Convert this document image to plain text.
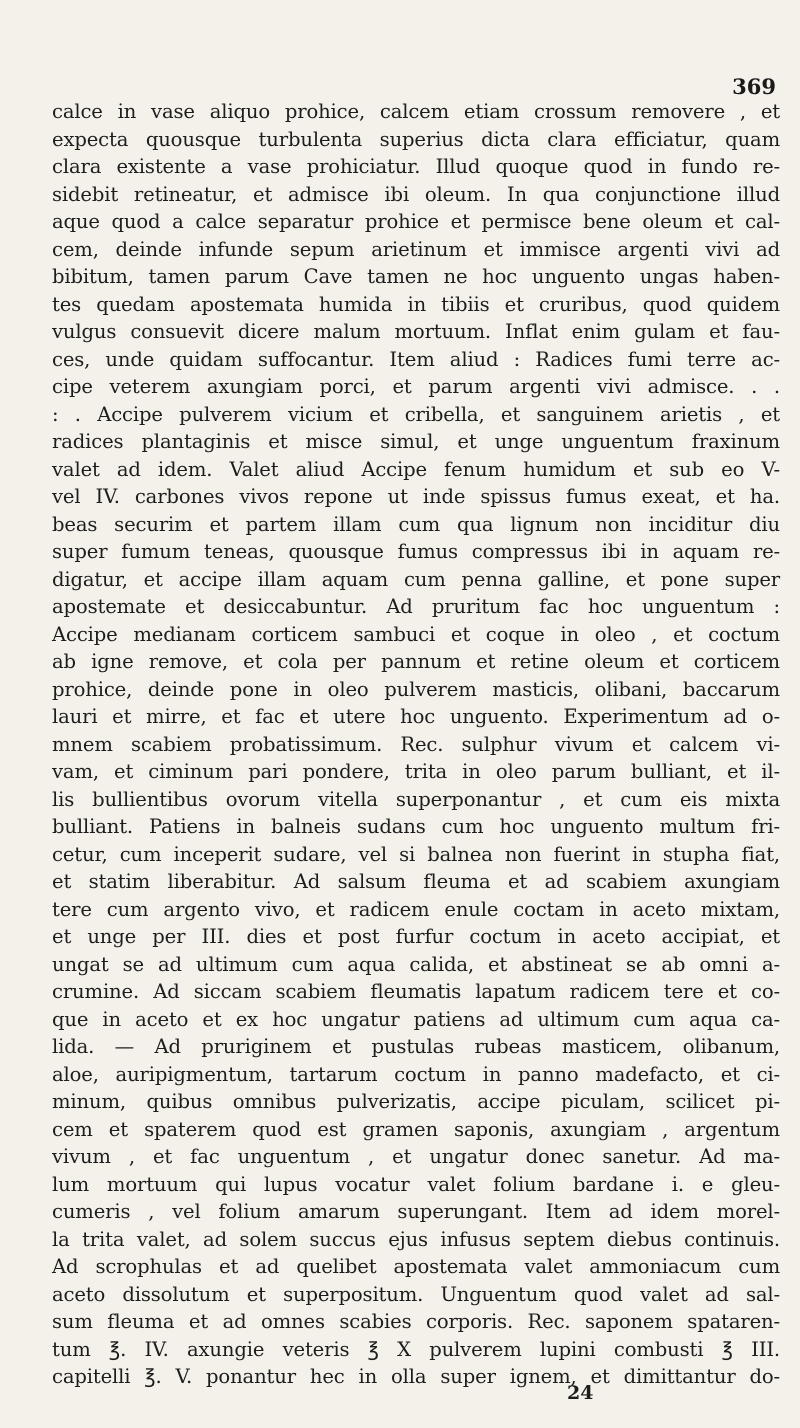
369
calce in vase aliquo prohice, calcem etiam crossum removere , et
expecta quousque turbulenta superius dicta clara efficiatur, quam
clara existente a vase prohiciatur. Illud quoque quod in fundo re-
sidebit retineatur, et admisce ibi oleum. In qua conjunctione illud
aque quod a calce separatur prohice et permisce bene oleum et cal-
cem, deinde infunde sepum arietinum et immisce argenti vivi ad
bibitum, tamen parum Cave tamen ne hoc unguento ungas haben-
tes quedam apostemata humida in tibiis et cruribus, quod quidem
vulgus consuevit dicere malum mortuum. Inflat enim gulam et fau-
ces, unde quidam suffocantur. Item aliud : Radices fumi terre ac-
cipe veterem axungiam porci, et parum argenti vivi admisce. . .
: . Accipe pulverem vicium et cribella, et sanguinem arietis , et
radices plantaginis et misce simul, et unge unguentum fraxinum
valet ad idem. Valet aliud Accipe fenum humidum et sub eo V-
vel IV. carbones vivos repone ut inde spissus fumus exeat, et ha.
beas securim et partem illam cum qua lignum non inciditur diu
super fumum teneas, quousque fumus compressus ibi in aquam re-
digatur, et accipe illam aquam cum penna galline, et pone super
apostemate et desiccabuntur. Ad pruritum fac hoc unguentum :
Accipe medianam corticem sambuci et coque in oleo , et coctum
ab igne remove, et cola per pannum et retine oleum et corticem
prohice, deinde pone in oleo pulverem masticis, olibani, baccarum
lauri et mirre, et fac et utere hoc unguento. Experimentum ad o-
mnem scabiem probatissimum. Rec. sulphur vivum et calcem vi-
vam, et ciminum pari pondere, trita in oleo parum bulliant, et il-
lis bullientibus ovorum vitella superponantur , et cum eis mixta
bulliant. Patiens in balneis sudans cum hoc unguento multum fri-
cetur, cum inceperit sudare, vel si balnea non fuerint in stupha fiat,
et statim liberabitur. Ad salsum fleuma et ad scabiem axungiam
tere cum argento vivo, et radicem enule coctam in aceto mixtam,
et unge per III. dies et post furfur coctum in aceto accipiat, et
ungat se ad ultimum cum aqua calida, et abstineat se ab omni a-
crumine. Ad siccam scabiem fleumatis lapatum radicem tere et co-
que in aceto et ex hoc ungatur patiens ad ultimum cum aqua ca-
lida. — Ad pruriginem et pustulas rubeas masticem, olibanum,
aloe, auripigmentum, tartarum coctum in panno madefacto, et ci-
minum, quibus omnibus pulverizatis, accipe piculam, scilicet pi-
cem et spaterem quod est gramen saponis, axungiam , argentum
vivum , et fac unguentum , et ungatur donec sanetur. Ad ma-
lum mortuum qui lupus vocatur valet folium bardane i. e gleu-
cumeris , vel folium amarum superungant. Item ad idem morel-
la trita valet, ad solem succus ejus infusus septem diebus continuis.
Ad scrophulas et ad quelibet apostemata valet ammoniacum cum
aceto dissolutum et superpositum. Unguentum quod valet ad sal-
sum fleuma et ad omnes scabies corporis. Rec. saponem spataren-
tum ℥. IV. axungie veteris ℥ X pulverem lupini combusti ℥ III.
capitelli ℥. V. ponantur hec in olla super ignem, et dimittantur do-
24
